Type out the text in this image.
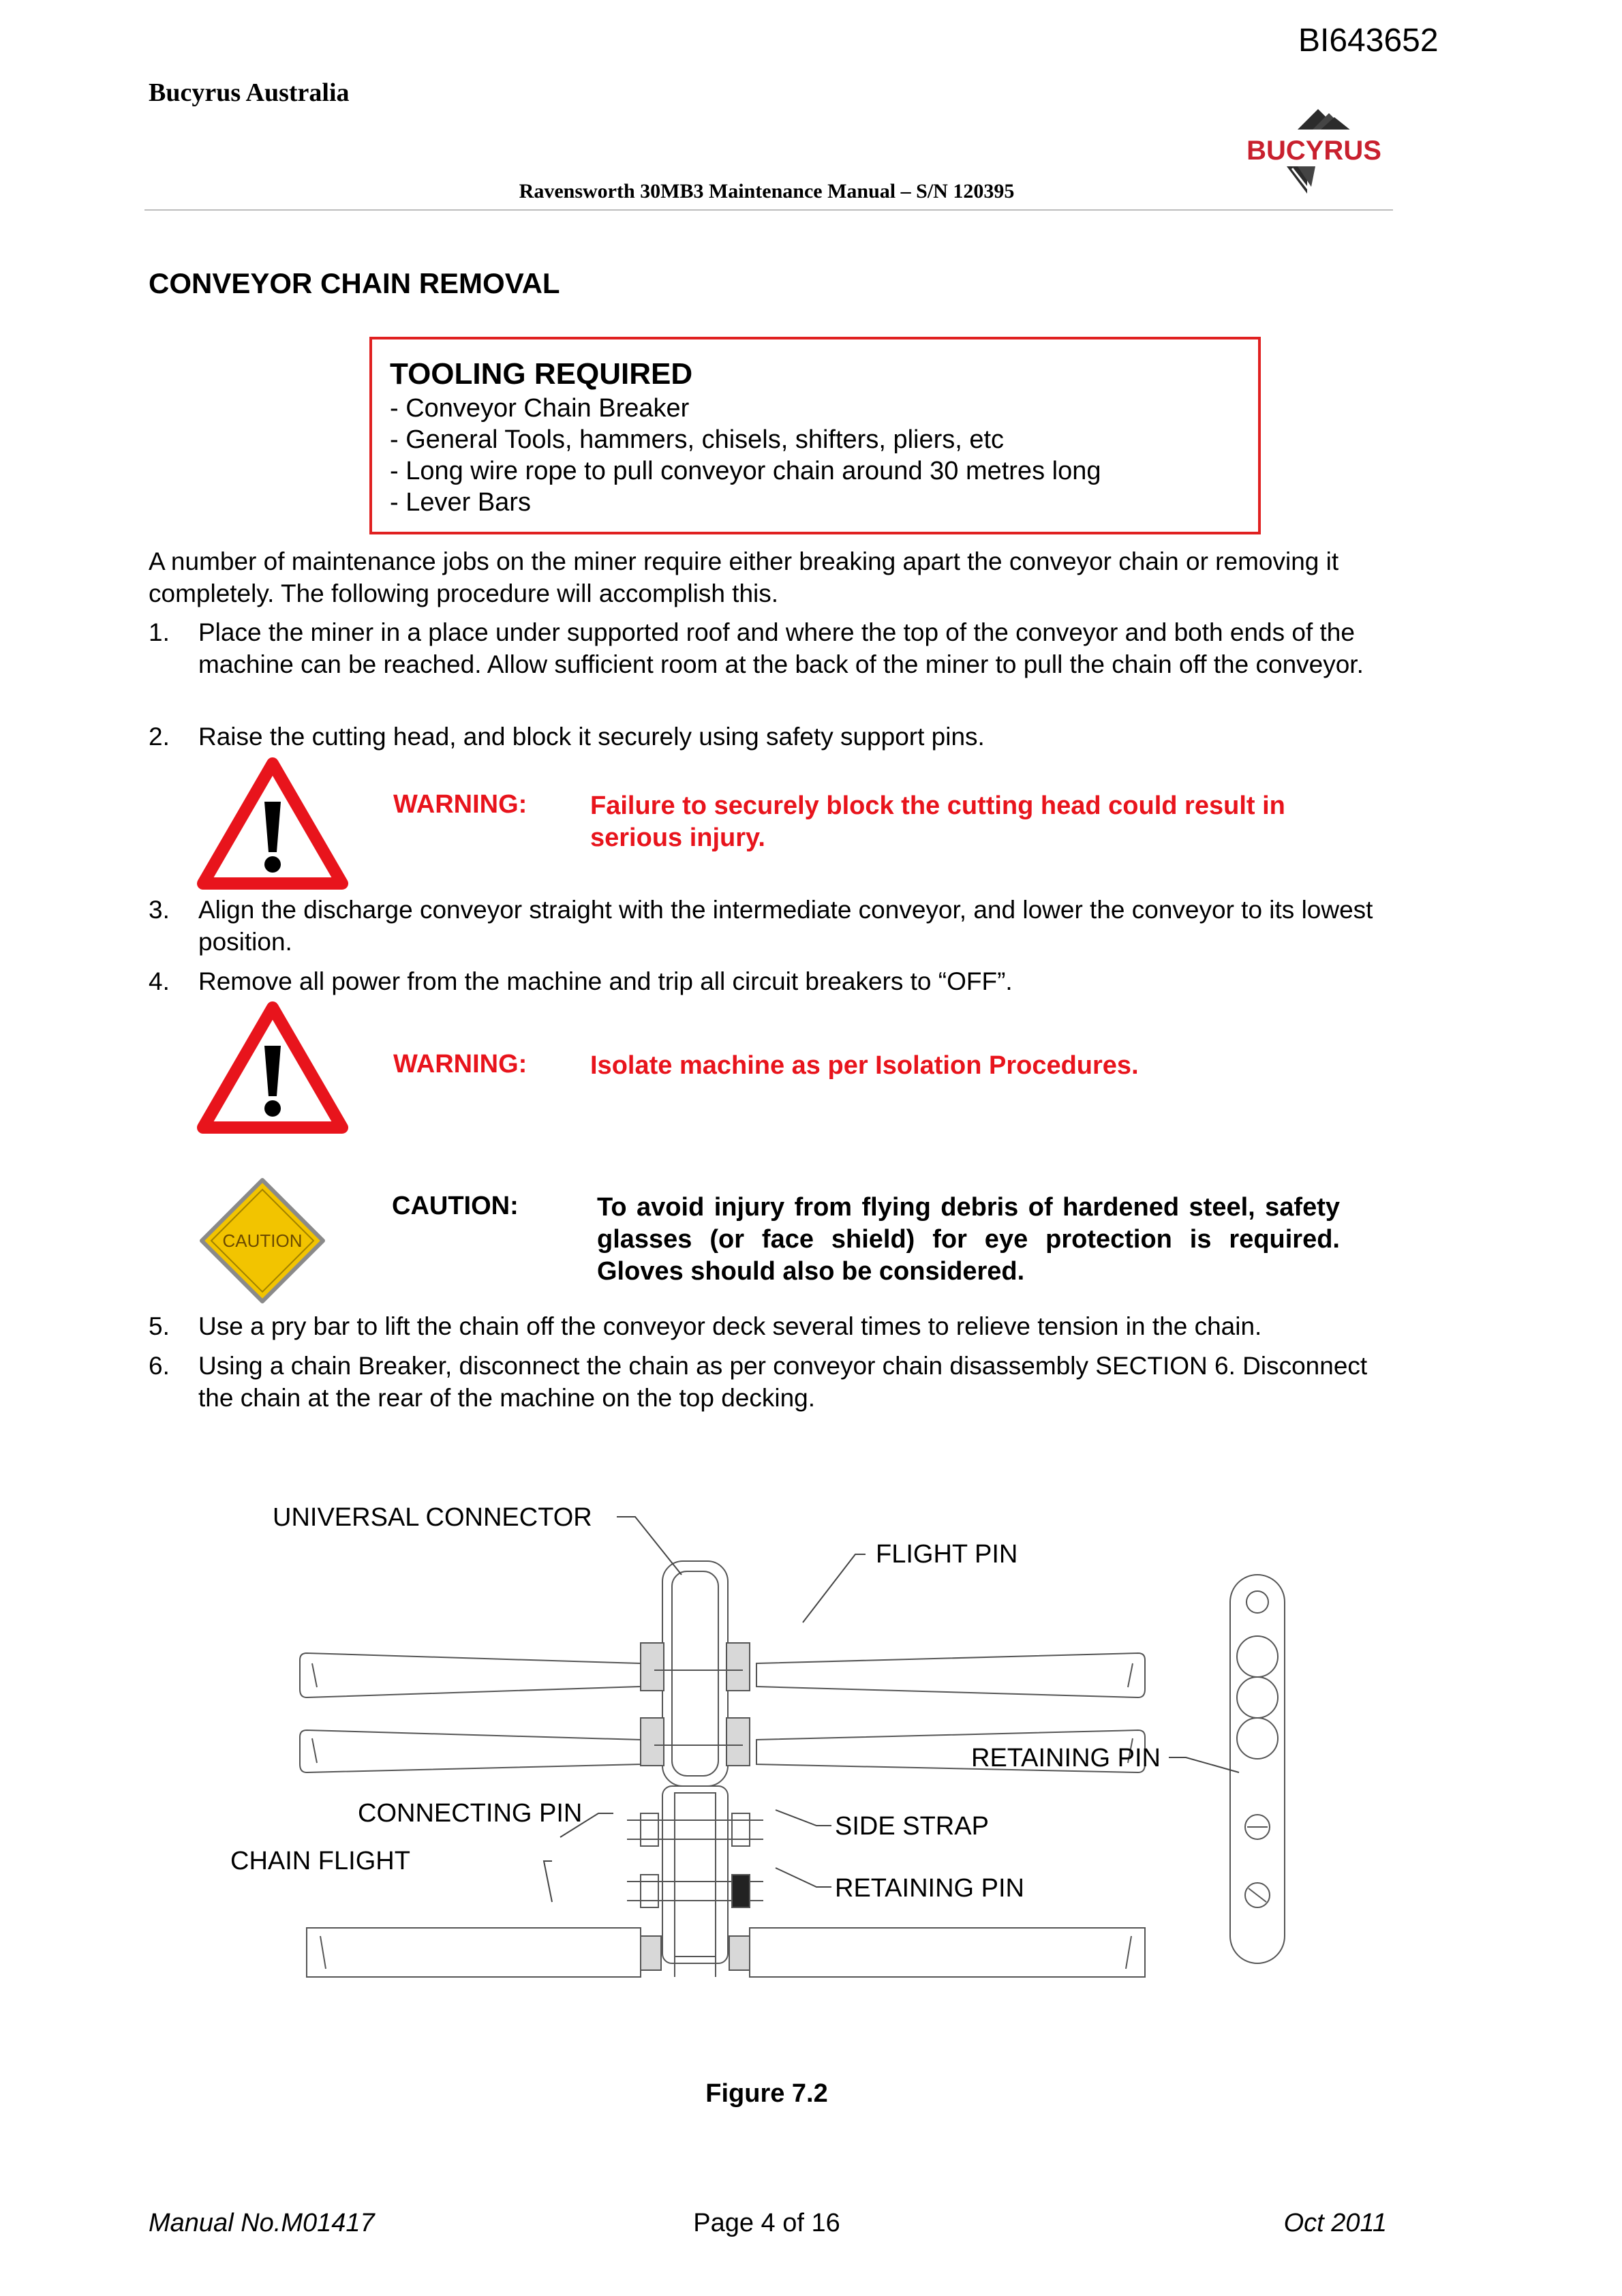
BI643652
Bucyrus Australia
Ravensworth 30MB3 Maintenance Manual – S/N 120395
BUCYRUS
CONVEYOR CHAIN REMOVAL
TOOLING REQUIRED
- Conveyor Chain Breaker
- General Tools, hammers, chisels, shifters, pliers, etc
- Long wire rope to pull conveyor chain around 30 metres long
- Lever Bars
A number of maintenance jobs on the miner require either breaking apart the conveyor chain or removing it completely. The following procedure will accomplish this.
1.	Place the miner in a place under supported roof and where the top of the conveyor and both ends of the machine can be reached. Allow sufficient room at the back of the miner to pull the chain off the conveyor.
2.	Raise the cutting head, and block it securely using safety support pins.
WARNING: Failure to securely block the cutting head could result in serious injury.
3.	Align the discharge conveyor straight with the intermediate conveyor, and lower the conveyor to its lowest position.
4.	Remove all power from the machine and trip all circuit breakers to “OFF”.
WARNING: Isolate machine as per Isolation Procedures.
CAUTION
CAUTION:	To avoid injury from flying debris of hardened steel, safety glasses (or face shield) for eye protection is required. Gloves should also be considered.
5.	Use a pry bar to lift the chain off the conveyor deck several times to relieve tension in the chain.
6.	Using a chain Breaker, disconnect the chain as per conveyor chain disassembly SECTION 6. Disconnect the chain at the rear of the machine on the top decking.
UNIVERSAL CONNECTOR
FLIGHT PIN
RETAINING PIN
CONNECTING PIN	SIDE STRAP
CHAIN FLIGHT
RETAINING PIN
Figure 7.2
Manual No.M01417	Page 4 of 16	Oct 2011
